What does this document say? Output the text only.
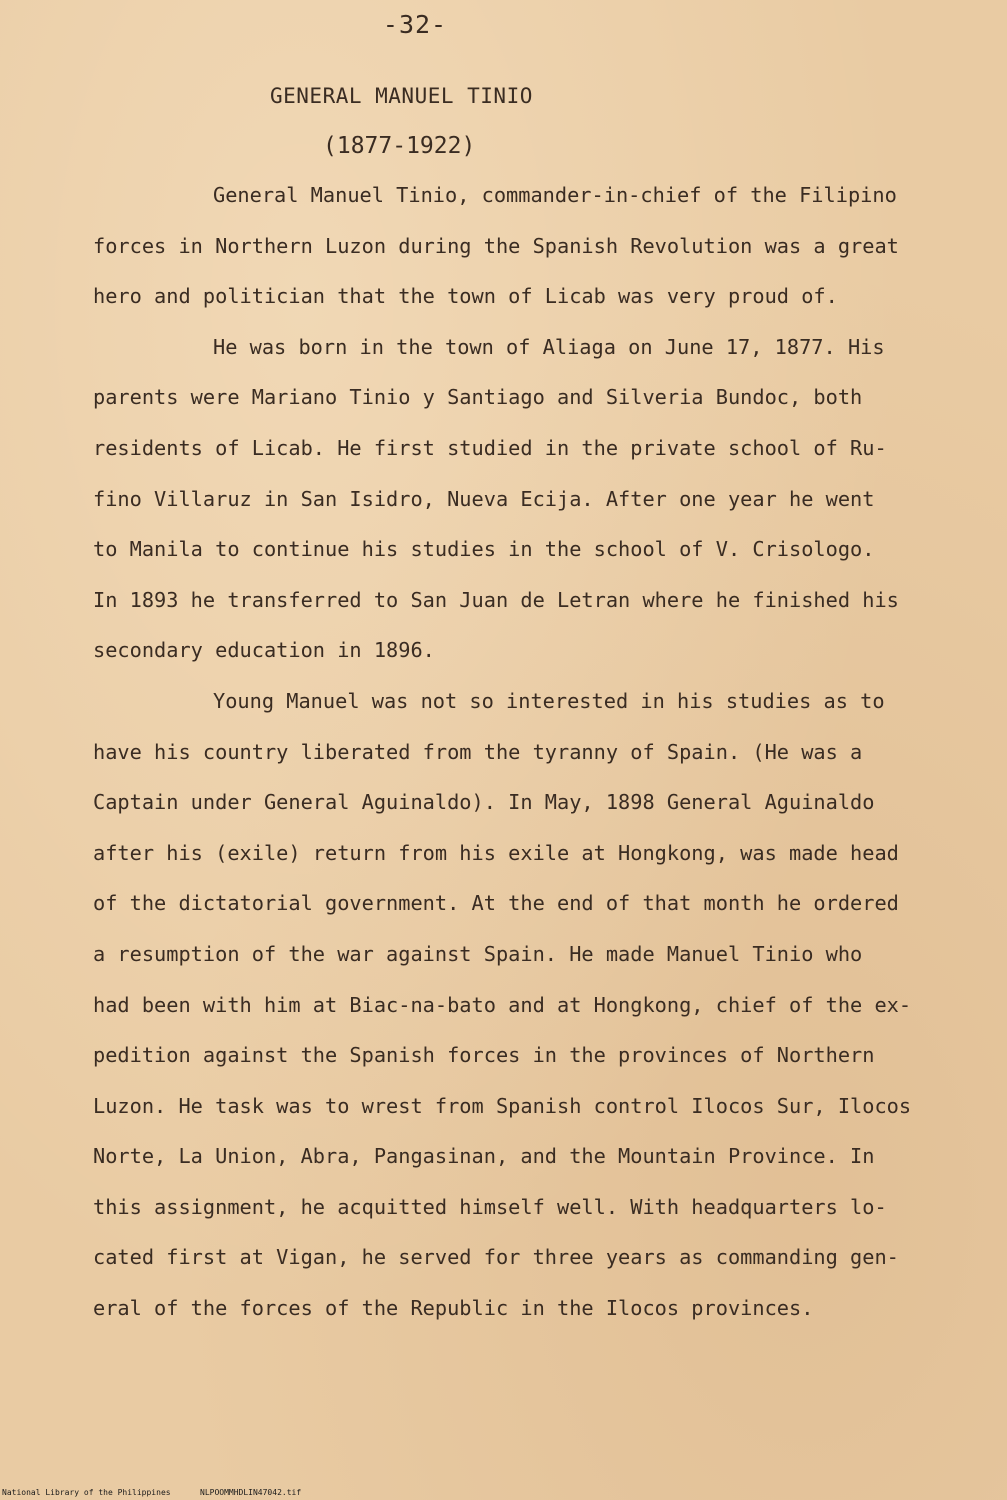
-32-
GENERAL MANUEL TINIO
(1877-1922)
General Manuel Tinio, commander-in-chief of the Filipino
forces in Northern Luzon during the Spanish Revolution was a great
hero and politician that the town of Licab was very proud of.
He was born in the town of Aliaga on June 17, 1877. His
parents were Mariano Tinio y Santiago and Silveria Bundoc, both
residents of Licab. He first studied in the private school of Ru-
fino Villaruz in San Isidro, Nueva Ecija. After one year he went
to Manila to continue his studies in the school of V. Crisologo.
In 1893 he transferred to San Juan de Letran where he finished his
secondary education in 1896.
Young Manuel was not so interested in his studies as to
have his country liberated from the tyranny of Spain. (He was a
Captain under General Aguinaldo). In May, 1898 General Aguinaldo
after his (exile) return from his exile at Hongkong, was made head
of the dictatorial government. At the end of that month he ordered
a resumption of the war against Spain. He made Manuel Tinio who
had been with him at Biac-na-bato and at Hongkong, chief of the ex-
pedition against the Spanish forces in the provinces of Northern
Luzon. He task was to wrest from Spanish control Ilocos Sur, Ilocos
Norte, La Union, Abra, Pangasinan, and the Mountain Province. In
this assignment, he acquitted himself well. With headquarters lo-
cated first at Vigan, he served for three years as commanding gen-
eral of the forces of the Republic in the Ilocos provinces.
National Library of the Philippines	NLPOOMMHDLIN47042.tif
